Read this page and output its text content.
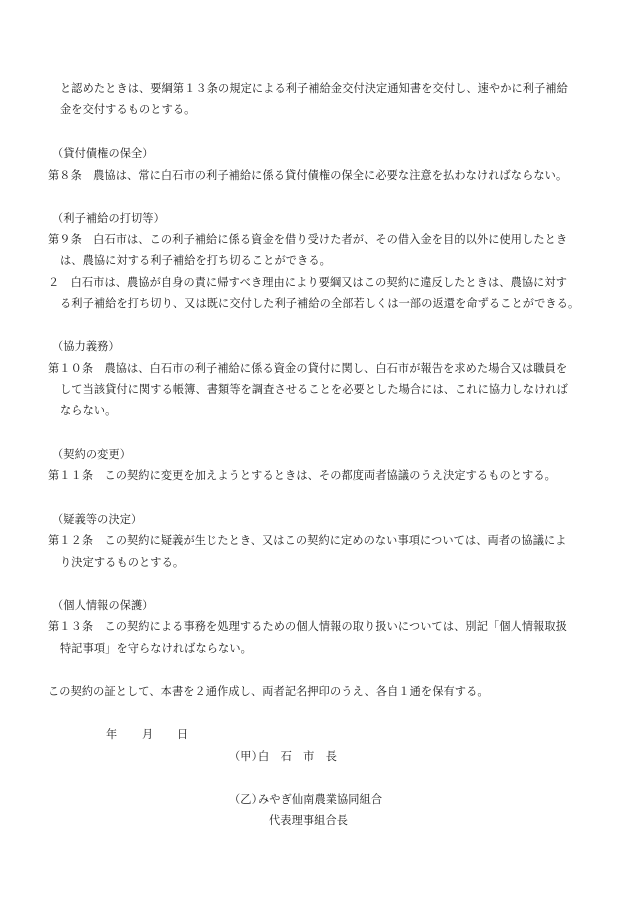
と認めたときは、要綱第１３条の規定による利子補給金交付決定通知書を交付し、速やかに利子補給
金を交付するものとする。
（貸付債権の保全）
第８条　農協は、常に白石市の利子補給に係る貸付債権の保全に必要な注意を払わなければならない。
（利子補給の打切等）
第９条　白石市は、この利子補給に係る資金を借り受けた者が、その借入金を目的以外に使用したとき
は、農協に対する利子補給を打ち切ることができる。
２　白石市は、農協が自身の責に帰すべき理由により要綱又はこの契約に違反したときは、農協に対す
る利子補給を打ち切り、又は既に交付した利子補給の全部若しくは一部の返還を命ずることができる。
（協力義務）
第１０条　農協は、白石市の利子補給に係る資金の貸付に関し、白石市が報告を求めた場合又は職員を
して当該貸付に関する帳簿、書類等を調査させることを必要とした場合には、これに協力しなければ
ならない。
（契約の変更）
第１１条　この契約に変更を加えようとするときは、その都度両者協議のうえ決定するものとする。
（疑義等の決定）
第１２条　この契約に疑義が生じたとき、又はこの契約に定めのない事項については、両者の協議によ
り決定するものとする。
（個人情報の保護）
第１３条　この契約による事務を処理するための個人情報の取り扱いについては、別記「個人情報取扱
特記事項」を守らなければならない。
この契約の証として、本書を２通作成し、両者記名押印のうえ、各自１通を保有する。
年 月 日
（甲）
白　石　市　長
（乙）
みやぎ仙南農業協同組合
代表理事組合長
